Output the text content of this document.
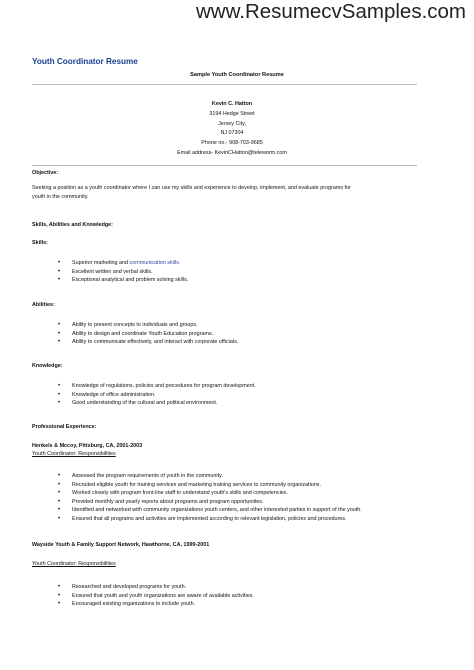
www.ResumecvSamples.com
Youth Coordinator Resume
Sample Youth Coordinator Resume
Kevin C. Hatton
3194 Hedge Street
Jersey City,
NJ 07304
Phone no.- 908-703-9685
Email address- KevinCHatton@teleworm.com
Objective:
Seeking a position as a youth coordinator where I can use my skills and experience to develop, implement, and evaluate programs for
youth in the community.
Skills, Abilities and Knowledge:
Skills:
• Superior marketing and communication skills.
• Excellent written and verbal skills.
• Exceptional analytical and problem solving skills.
Abilities:
• Ability to present concepts to individuals and groups.
• Ability to design and coordinate Youth Education programs.
• Ability to communicate effectively, and interact with corporate officials.
Knowledge:
• Knowledge of regulations, policies and procedures for program development.
• Knowledge of office administration.
• Good understanding of the cultural and political environment.
Professional Experience:
Henkels & Mccoy, Pittsburg, CA, 2001-2003
Youth Coordinator: Responsibilities
• Assessed the program requirements of youth in the community.
• Recruited eligible youth for training services and marketing training services to community organizations.
• Worked closely with program front-line staff to understand youth's skills and competencies.
• Provided monthly and yearly reports about programs and program opportunities.
• Identified and networked with community organizations youth centers, and other interested parties in support of the youth.
• Ensured that all programs and activities are implemented according to relevant legislation, policies and procedures.
Wayside Youth & Family Support Network, Hawthorne, CA, 1999-2001
Youth Coordinator: Responsibilities
• Researched and developed programs for youth.
• Ensured that youth and youth organizations are aware of available activities.
• Encouraged existing organizations to include youth.
